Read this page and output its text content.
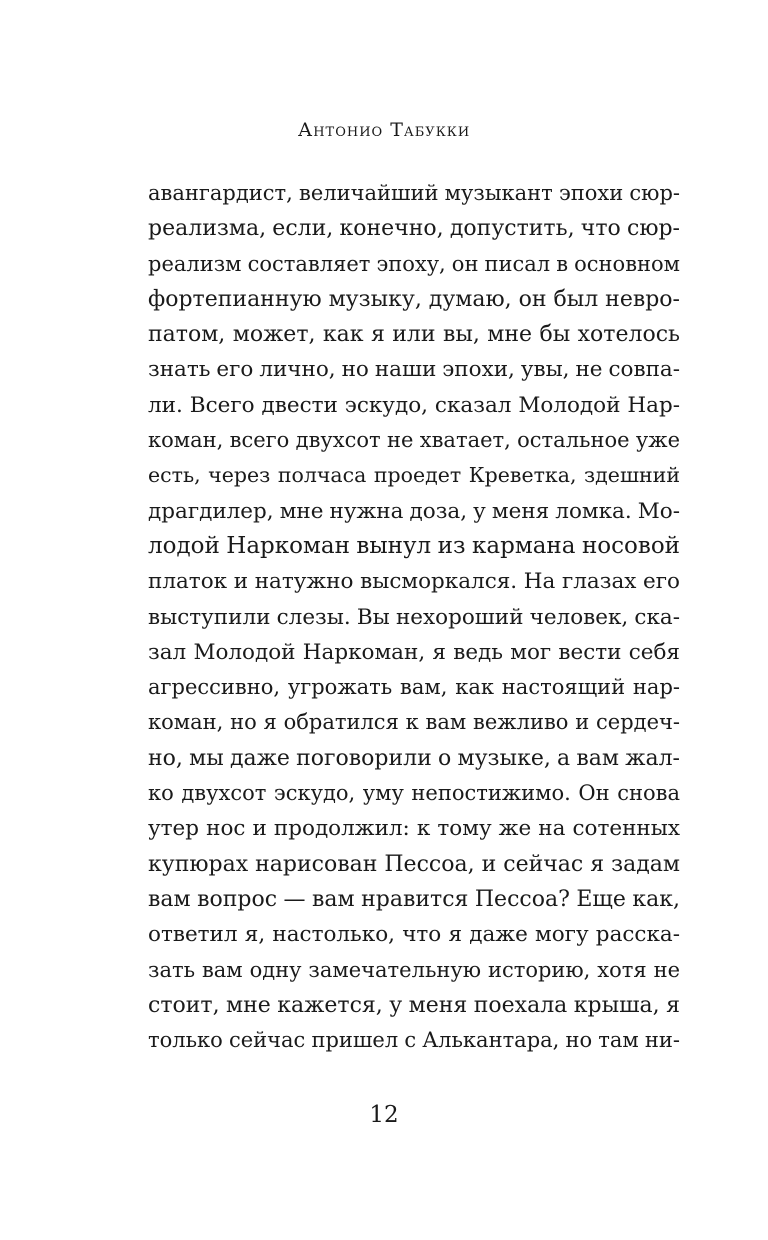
Антонио Табукки
авангардист, величайший музыкант эпохи сюр-
реализма, если, конечно, допустить, что сюр-
реализм составляет эпоху, он писал в основном
фортепианную музыку, думаю, он был невро-
патом, может, как я или вы, мне бы хотелось
знать его лично, но наши эпохи, увы, не совпа-
ли. Всего двести эскудо, сказал Молодой Нар-
коман, всего двухсот не хватает, остальное уже
есть, через полчаса проедет Креветка, здешний
драгдилер, мне нужна доза, у меня ломка. Мо-
лодой Наркоман вынул из кармана носовой
платок и натужно высморкался. На глазах его
выступили слезы. Вы нехороший человек, ска-
зал Молодой Наркоман, я ведь мог вести себя
агрессивно, угрожать вам, как настоящий нар-
коман, но я обратился к вам вежливо и сердеч-
но, мы даже поговорили о музыке, а вам жал-
ко двухсот эскудо, уму непостижимо. Он снова
утер нос и продолжил: к тому же на сотенных
купюрах нарисован Пессоа, и сейчас я задам
вам вопрос — вам нравится Пессоа? Еще как,
ответил я, настолько, что я даже могу расска-
зать вам одну замечательную историю, хотя не
стоит, мне кажется, у меня поехала крыша, я
только сейчас пришел с Алькантара, но там ни-
12
